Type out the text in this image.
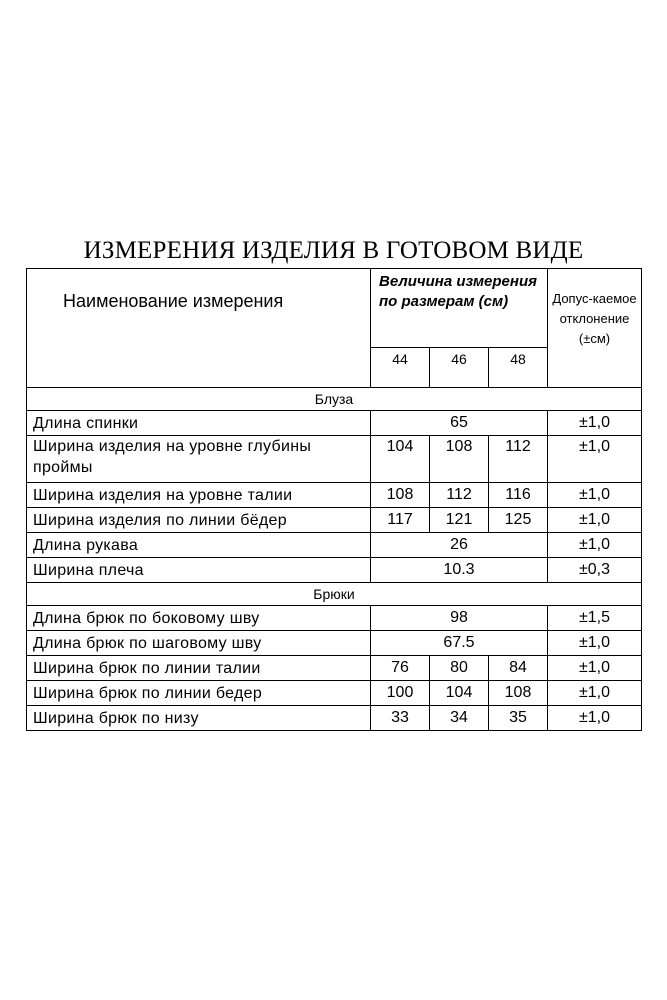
ИЗМЕРЕНИЯ ИЗДЕЛИЯ В ГОТОВОМ ВИДЕ
Наименование измерения	Величина измерения по размерам (см)			Допус-каемое отклонение (±см)
	44	46	48	
Блуза				
Длина спинки	65			±1,0
Ширина изделия на уровне глубины проймы	104	108	112	±1,0
Ширина изделия на уровне талии	108	112	116	±1,0
Ширина изделия по линии бёдер	117	121	125	±1,0
Длина рукава	26			±1,0
Ширина плеча	10.3			±0,3
Брюки				
Длина брюк по боковому шву	98			±1,5
Длина брюк по шаговому шву	67.5			±1,0
Ширина брюк по линии талии	76	80	84	±1,0
Ширина брюк по линии бедер	100	104	108	±1,0
Ширина брюк по низу	33	34	35	±1,0
